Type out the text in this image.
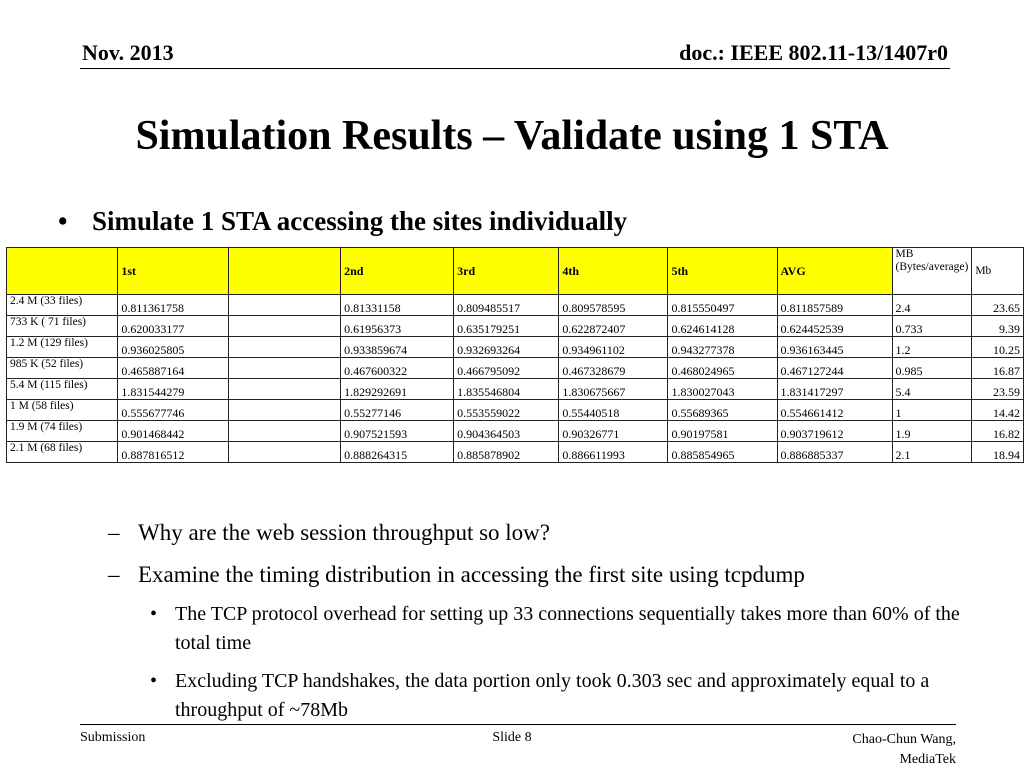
Nov. 2013	doc.: IEEE 802.11-13/1407r0
Simulation Results – Validate using 1 STA
• Simulate 1 STA accessing the sites individually
	1st		2nd	3rd	4th	5th	AVG	MB (Bytes/average)	Mb
2.4 M (33 files)	0.811361758		0.81331158	0.809485517	0.809578595	0.815550497	0.811857589	2.4	23.65
733 K ( 71 files)	0.620033177		0.61956373	0.635179251	0.622872407	0.624614128	0.624452539	0.733	9.39
1.2 M (129 files)	0.936025805		0.933859674	0.932693264	0.934961102	0.943277378	0.936163445	1.2	10.25
985 K (52 files)	0.465887164		0.467600322	0.466795092	0.467328679	0.468024965	0.467127244	0.985	16.87
5.4 M (115 files)	1.831544279		1.829292691	1.835546804	1.830675667	1.830027043	1.831417297	5.4	23.59
1 M (58 files)	0.555677746		0.55277146	0.553559022	0.55440518	0.55689365	0.554661412	1	14.42
1.9 M (74 files)	0.901468442		0.907521593	0.904364503	0.90326771	0.90197581	0.903719612	1.9	16.82
2.1 M (68 files)	0.887816512		0.888264315	0.885878902	0.886611993	0.885854965	0.886885337	2.1	18.94
– Why are the web session throughput so low?
– Examine the timing distribution in accessing the first site using tcpdump
• The TCP protocol overhead for setting up 33 connections sequentially takes more than 60% of the total time
• Excluding TCP handshakes, the data portion only took 0.303 sec and approximately equal to a throughput of ~78Mb
Submission	Slide 8	Chao-Chun Wang,
MediaTek
